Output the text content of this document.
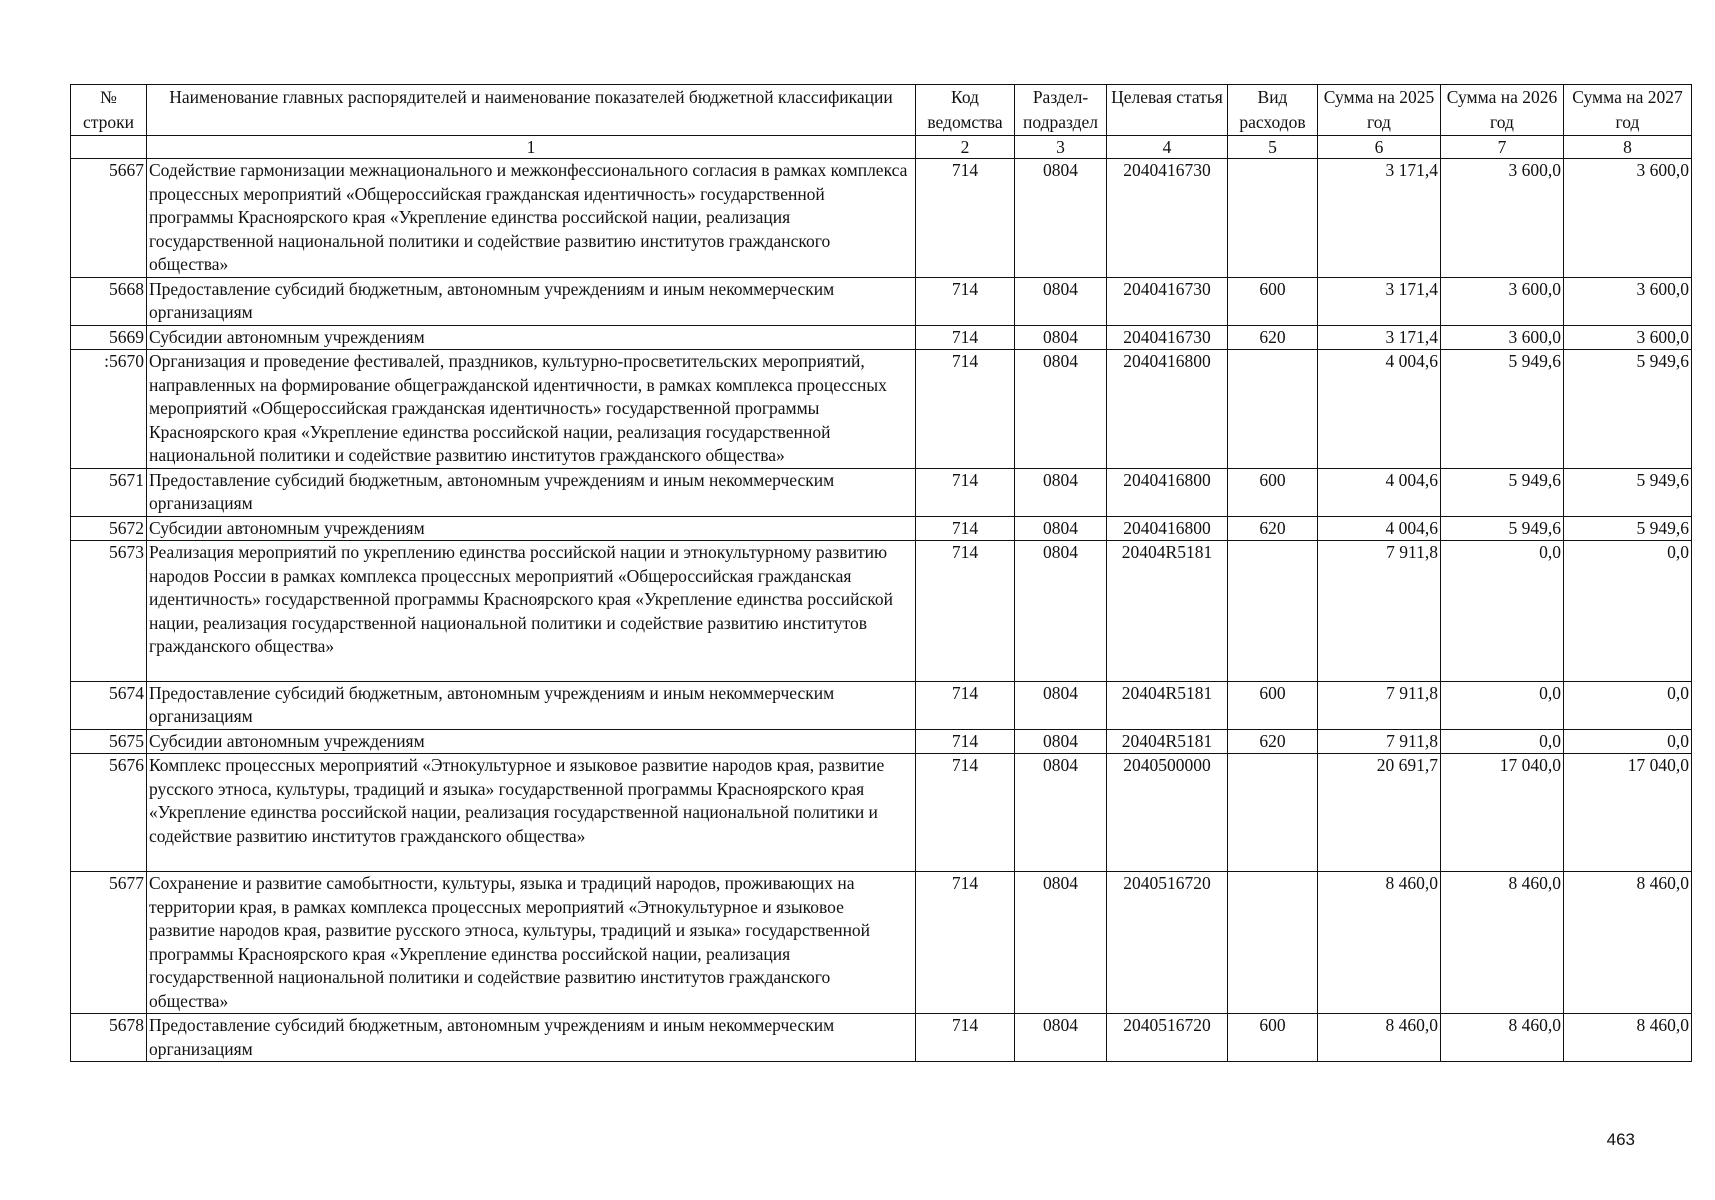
№ строки	Наименование главных распорядителей и наименование показателей бюджетной классификации	Код ведомства	Раздел-подраздел	Целевая статья	Вид расходов	Сумма на 2025 год	Сумма на 2026 год	Сумма на 2027 год
	1	2	3	4	5	6	7	8
5667	Содействие гармонизации межнационального и межконфессионального согласия в рамках комплекса процессных мероприятий «Общероссийская гражданская идентичность» государственной программы Красноярского края «Укрепление единства российской нации, реализация государственной национальной политики и содействие развитию институтов гражданского общества»	714	0804	2040416730		3 171,4	3 600,0	3 600,0
5668	Предоставление субсидий бюджетным, автономным учреждениям и иным некоммерческим организациям	714	0804	2040416730	600	3 171,4	3 600,0	3 600,0
5669	Субсидии автономным учреждениям	714	0804	2040416730	620	3 171,4	3 600,0	3 600,0
:5670	Организация и проведение фестивалей, праздников, культурно-просветительских мероприятий, направленных на формирование общегражданской идентичности, в рамках комплекса процессных мероприятий «Общероссийская гражданская идентичность» государственной программы Красноярского края «Укрепление единства российской нации, реализация государственной национальной политики и содействие развитию институтов гражданского общества»	714	0804	2040416800		4 004,6	5 949,6	5 949,6
5671	Предоставление субсидий бюджетным, автономным учреждениям и иным некоммерческим организациям	714	0804	2040416800	600	4 004,6	5 949,6	5 949,6
5672	Субсидии автономным учреждениям	714	0804	2040416800	620	4 004,6	5 949,6	5 949,6
5673	Реализация мероприятий по укреплению единства российской нации и этнокультурному развитию народов России в рамках комплекса процессных мероприятий «Общероссийская гражданская идентичность» государственной программы Красноярского края «Укрепление единства российской нации, реализация государственной национальной политики и содействие развитию институтов гражданского общества»	714	0804	20404R5181		7 911,8	0,0	0,0
5674	Предоставление субсидий бюджетным, автономным учреждениям и иным некоммерческим организациям	714	0804	20404R5181	600	7 911,8	0,0	0,0
5675	Субсидии автономным учреждениям	714	0804	20404R5181	620	7 911,8	0,0	0,0
5676	Комплекс процессных мероприятий «Этнокультурное и языковое развитие народов края, развитие русского этноса, культуры, традиций и языка» государственной программы Красноярского края «Укрепление единства российской нации, реализация государственной национальной политики и содействие развитию институтов гражданского общества»	714	0804	2040500000		20 691,7	17 040,0	17 040,0
5677	Сохранение и развитие самобытности, культуры, языка и традиций народов, проживающих на территории края, в рамках комплекса процессных мероприятий «Этнокультурное и языковое развитие народов края, развитие русского этноса, культуры, традиций и языка» государственной программы Красноярского края «Укрепление единства российской нации, реализация государственной национальной политики и содействие развитию институтов гражданского общества»	714	0804	2040516720		8 460,0	8 460,0	8 460,0
5678	Предоставление субсидий бюджетным, автономным учреждениям и иным некоммерческим организациям	714	0804	2040516720	600	8 460,0	8 460,0	8 460,0
463
